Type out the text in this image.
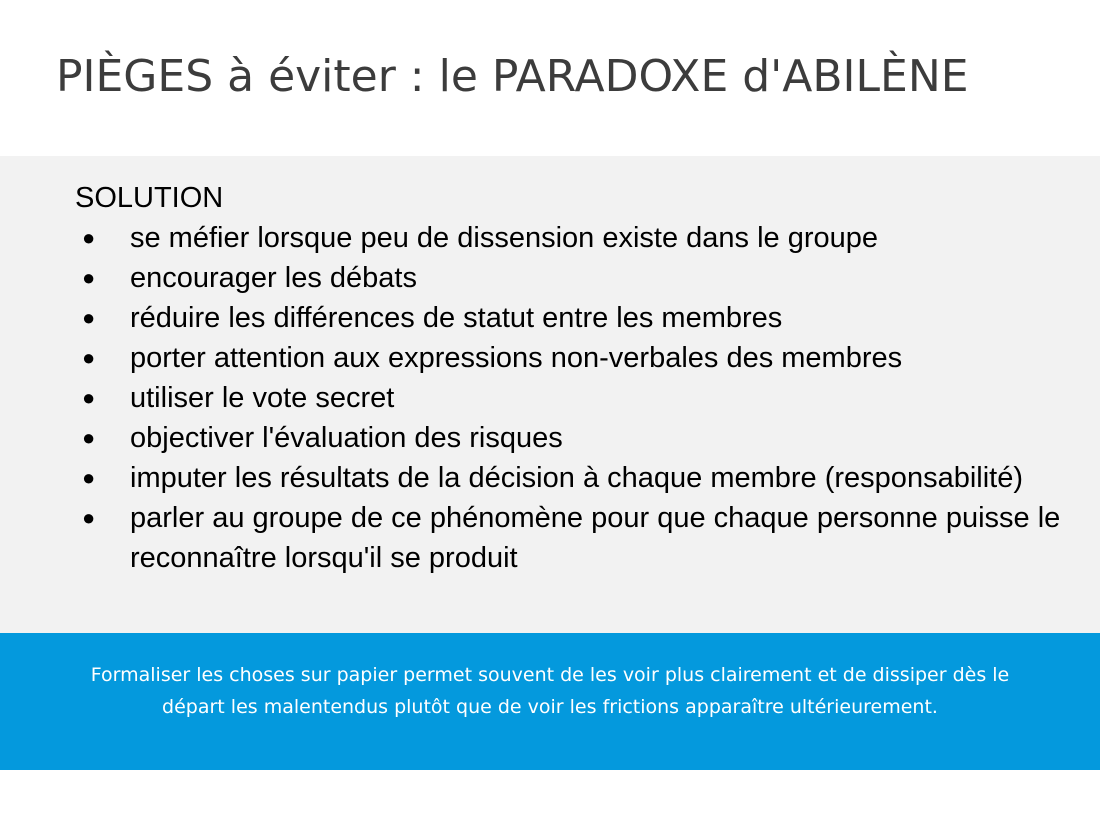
PIÈGES à éviter : le PARADOXE d'ABILÈNE
SOLUTION
● se méfier lorsque peu de dissension existe dans le groupe
● encourager les débats
● réduire les différences de statut entre les membres
● porter attention aux expressions non-verbales des membres
● utiliser le vote secret
● objectiver l'évaluation des risques
● imputer les résultats de la décision à chaque membre (responsabilité)
● parler au groupe de ce phénomène pour que chaque personne puisse le reconnaître lorsqu'il se produit

Formaliser les choses sur papier permet souvent de les voir plus clairement et de dissiper dès le départ les malentendus plutôt que de voir les frictions apparaître ultérieurement.
